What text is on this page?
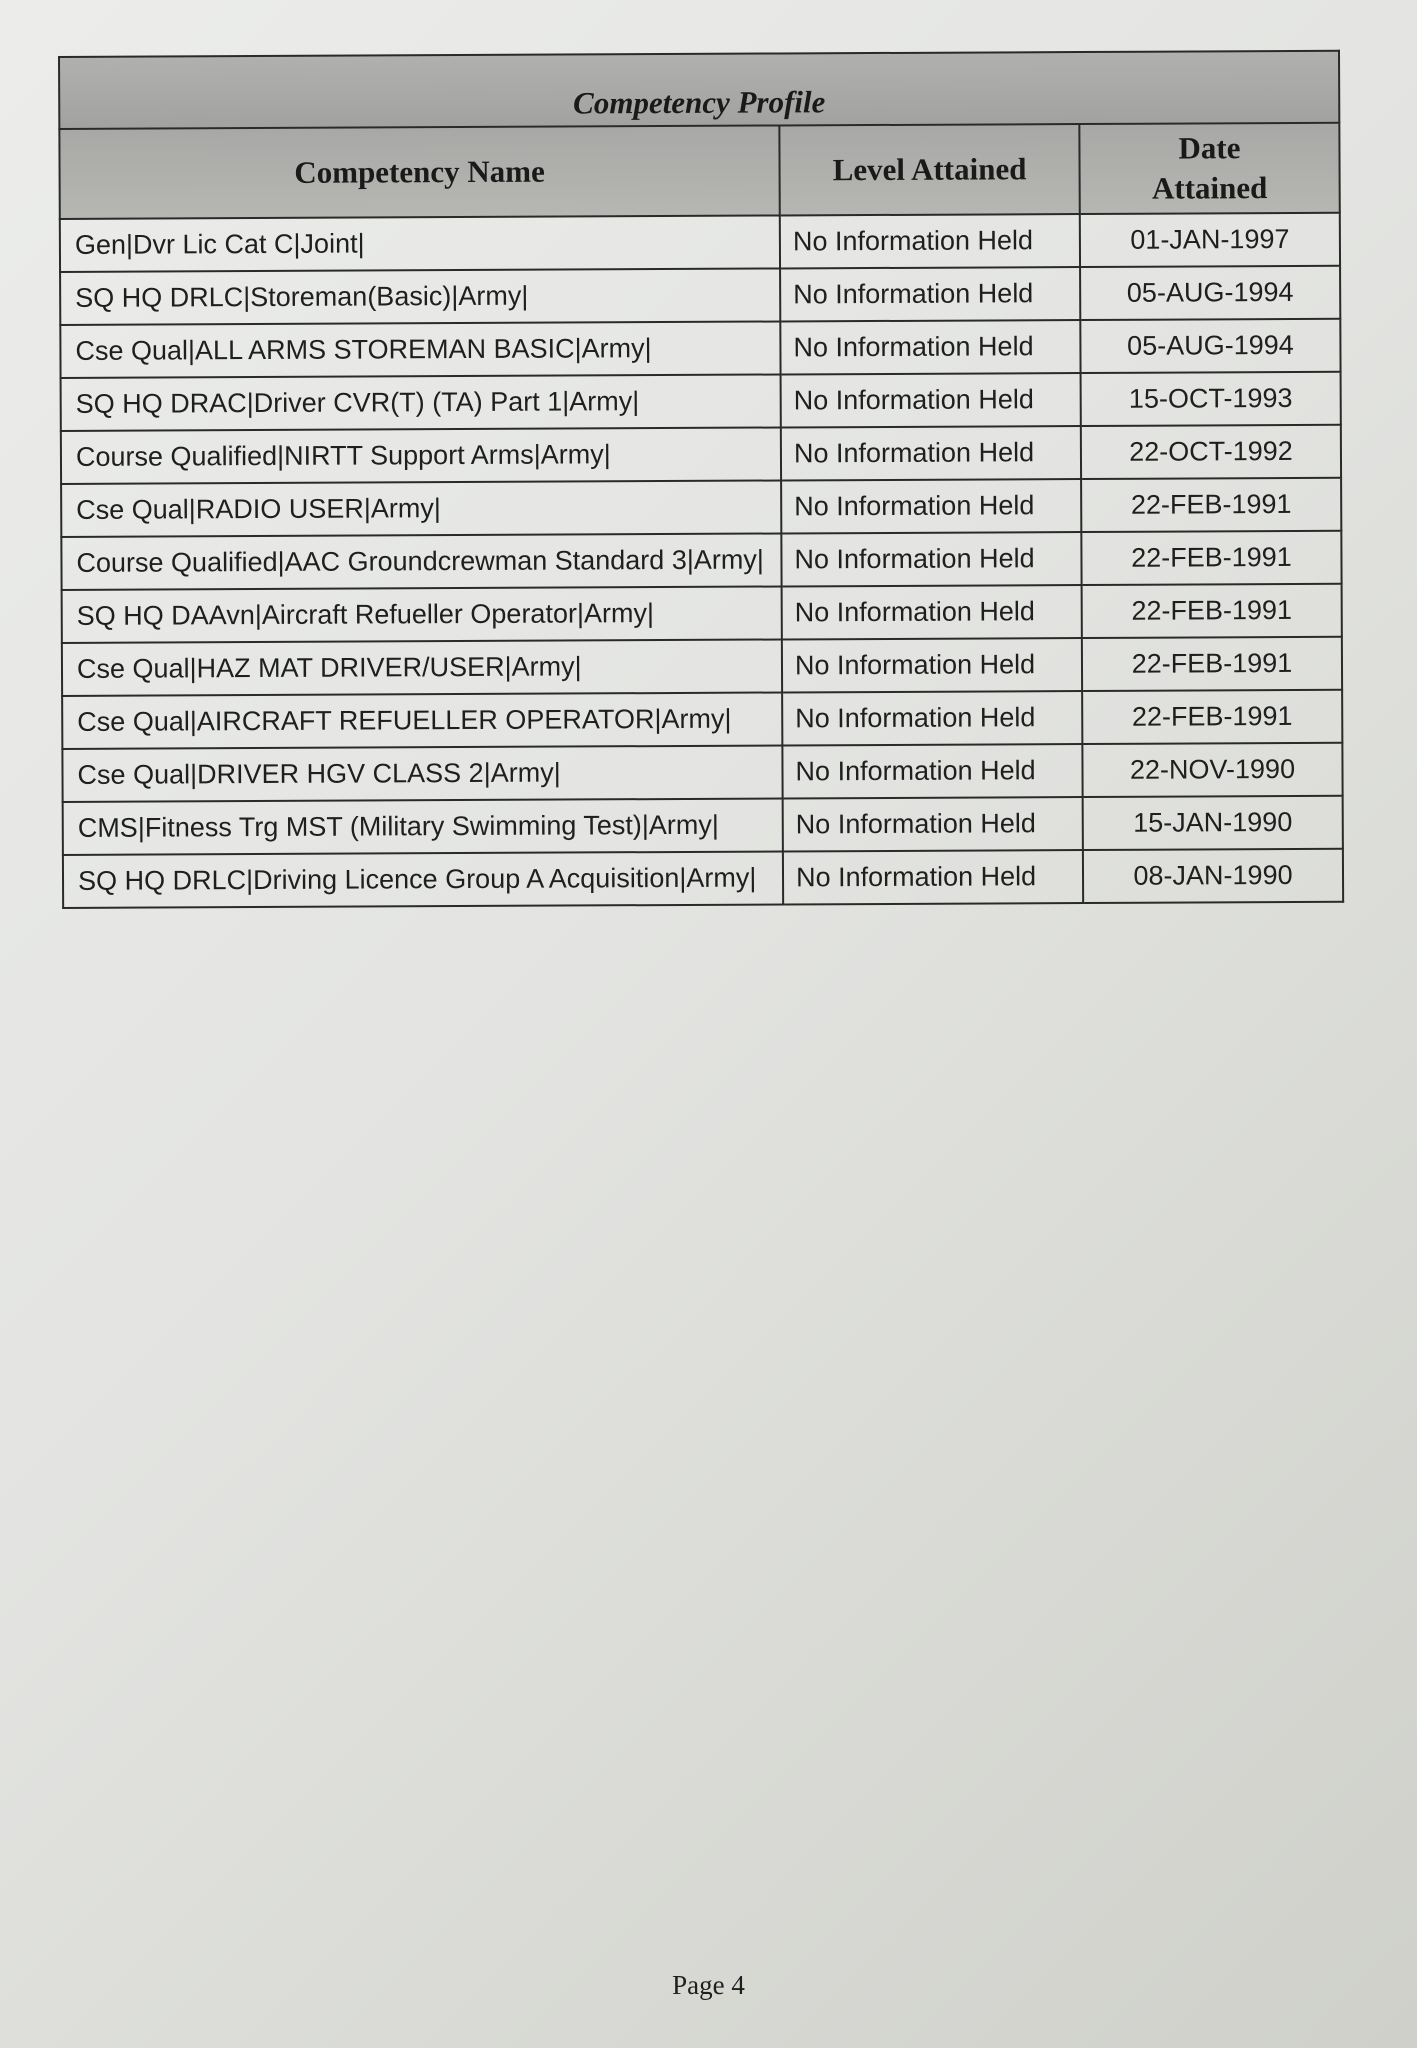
Competency Profile		
Competency Name	Level Attained	Date
Attained
Gen|Dvr Lic Cat C|Joint|	No Information Held	01-JAN-1997
SQ HQ DRLC|Storeman(Basic)|Army|	No Information Held	05-AUG-1994
Cse Qual|ALL ARMS STOREMAN BASIC|Army|	No Information Held	05-AUG-1994
SQ HQ DRAC|Driver CVR(T) (TA) Part 1|Army|	No Information Held	15-OCT-1993
Course Qualified|NIRTT Support Arms|Army|	No Information Held	22-OCT-1992
Cse Qual|RADIO USER|Army|	No Information Held	22-FEB-1991
Course Qualified|AAC Groundcrewman Standard 3|Army|	No Information Held	22-FEB-1991
SQ HQ DAAvn|Aircraft Refueller Operator|Army|	No Information Held	22-FEB-1991
Cse Qual|HAZ MAT DRIVER/USER|Army|	No Information Held	22-FEB-1991
Cse Qual|AIRCRAFT REFUELLER OPERATOR|Army|	No Information Held	22-FEB-1991
Cse Qual|DRIVER HGV CLASS 2|Army|	No Information Held	22-NOV-1990
CMS|Fitness Trg MST (Military Swimming Test)|Army|	No Information Held	15-JAN-1990
SQ HQ DRLC|Driving Licence Group A Acquisition|Army|	No Information Held	08-JAN-1990
Page 4
